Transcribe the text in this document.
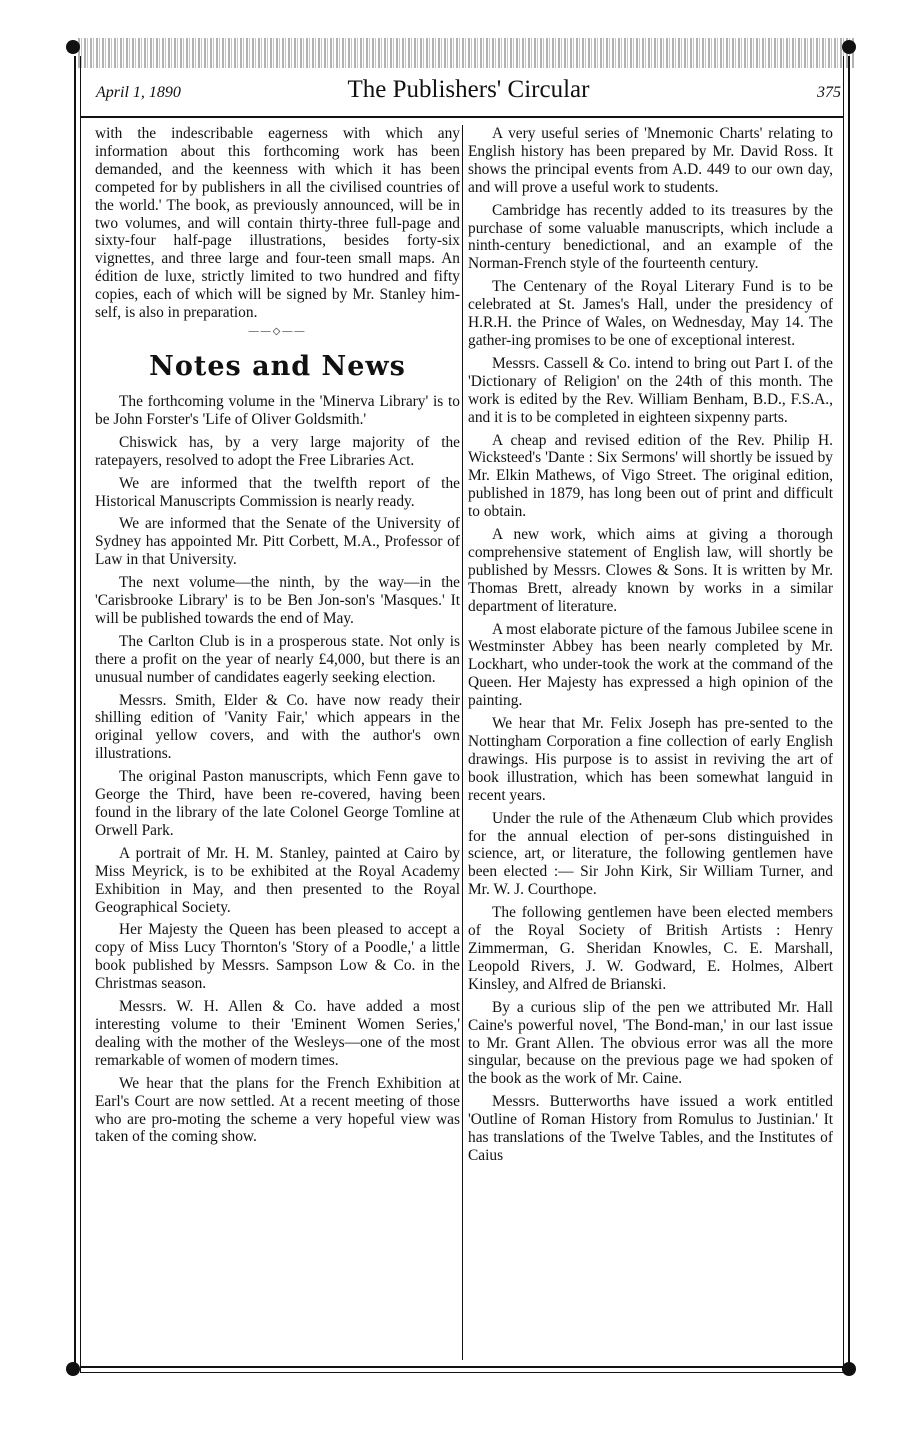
April 1, 1890	The Publishers' Circular	375

with the indescribable eagerness with which any information about this forthcoming work has been demanded, and the keenness with which it has been competed for by publishers in all the civilised countries of the world.' The book, as previously announced, will be in two volumes, and will contain thirty-three full-page and sixty-four half-page illustrations, besides forty-six vignettes, and three large and four-teen small maps. An édition de luxe, strictly limited to two hundred and fifty copies, each of which will be signed by Mr. Stanley him-self, is also in preparation.

——◇——
Notes and News

The forthcoming volume in the 'Minerva Library' is to be John Forster's 'Life of Oliver Goldsmith.'

Chiswick has, by a very large majority of the ratepayers, resolved to adopt the Free Libraries Act.

We are informed that the twelfth report of the Historical Manuscripts Commission is nearly ready.

We are informed that the Senate of the University of Sydney has appointed Mr. Pitt Corbett, M.A., Professor of Law in that University.

The next volume—the ninth, by the way—in the 'Carisbrooke Library' is to be Ben Jon-son's 'Masques.' It will be published towards the end of May.

The Carlton Club is in a prosperous state. Not only is there a profit on the year of nearly £4,000, but there is an unusual number of candidates eagerly seeking election.

Messrs. Smith, Elder & Co. have now ready their shilling edition of 'Vanity Fair,' which appears in the original yellow covers, and with the author's own illustrations.

The original Paston manuscripts, which Fenn gave to George the Third, have been re-covered, having been found in the library of the late Colonel George Tomline at Orwell Park.

A portrait of Mr. H. M. Stanley, painted at Cairo by Miss Meyrick, is to be exhibited at the Royal Academy Exhibition in May, and then presented to the Royal Geographical Society.

Her Majesty the Queen has been pleased to accept a copy of Miss Lucy Thornton's 'Story of a Poodle,' a little book published by Messrs. Sampson Low & Co. in the Christmas season.

Messrs. W. H. Allen & Co. have added a most interesting volume to their 'Eminent Women Series,' dealing with the mother of the Wesleys—one of the most remarkable of women of modern times.

We hear that the plans for the French Exhibition at Earl's Court are now settled. At a recent meeting of those who are pro-moting the scheme a very hopeful view was taken of the coming show.

A very useful series of 'Mnemonic Charts' relating to English history has been prepared by Mr. David Ross. It shows the principal events from A.D. 449 to our own day, and will prove a useful work to students.

Cambridge has recently added to its treasures by the purchase of some valuable manuscripts, which include a ninth-century benedictional, and an example of the Norman-French style of the fourteenth century.

The Centenary of the Royal Literary Fund is to be celebrated at St. James's Hall, under the presidency of H.R.H. the Prince of Wales, on Wednesday, May 14. The gather-ing promises to be one of exceptional interest.

Messrs. Cassell & Co. intend to bring out Part I. of the 'Dictionary of Religion' on the 24th of this month. The work is edited by the Rev. William Benham, B.D., F.S.A., and it is to be completed in eighteen sixpenny parts.

A cheap and revised edition of the Rev. Philip H. Wicksteed's 'Dante : Six Sermons' will shortly be issued by Mr. Elkin Mathews, of Vigo Street. The original edition, published in 1879, has long been out of print and difficult to obtain.

A new work, which aims at giving a thorough comprehensive statement of English law, will shortly be published by Messrs. Clowes & Sons. It is written by Mr. Thomas Brett, already known by works in a similar department of literature.

A most elaborate picture of the famous Jubilee scene in Westminster Abbey has been nearly completed by Mr. Lockhart, who under-took the work at the command of the Queen. Her Majesty has expressed a high opinion of the painting.

We hear that Mr. Felix Joseph has pre-sented to the Nottingham Corporation a fine collection of early English drawings. His purpose is to assist in reviving the art of book illustration, which has been somewhat languid in recent years.

Under the rule of the Athenæum Club which provides for the annual election of per-sons distinguished in science, art, or literature, the following gentlemen have been elected :— Sir John Kirk, Sir William Turner, and Mr. W. J. Courthope.

The following gentlemen have been elected members of the Royal Society of British Artists : Henry Zimmerman, G. Sheridan Knowles, C. E. Marshall, Leopold Rivers, J. W. Godward, E. Holmes, Albert Kinsley, and Alfred de Brianski.

By a curious slip of the pen we attributed Mr. Hall Caine's powerful novel, 'The Bond-man,' in our last issue to Mr. Grant Allen. The obvious error was all the more singular, because on the previous page we had spoken of the book as the work of Mr. Caine.

Messrs. Butterworths have issued a work entitled 'Outline of Roman History from Romulus to Justinian.' It has translations of the Twelve Tables, and the Institutes of Caius
